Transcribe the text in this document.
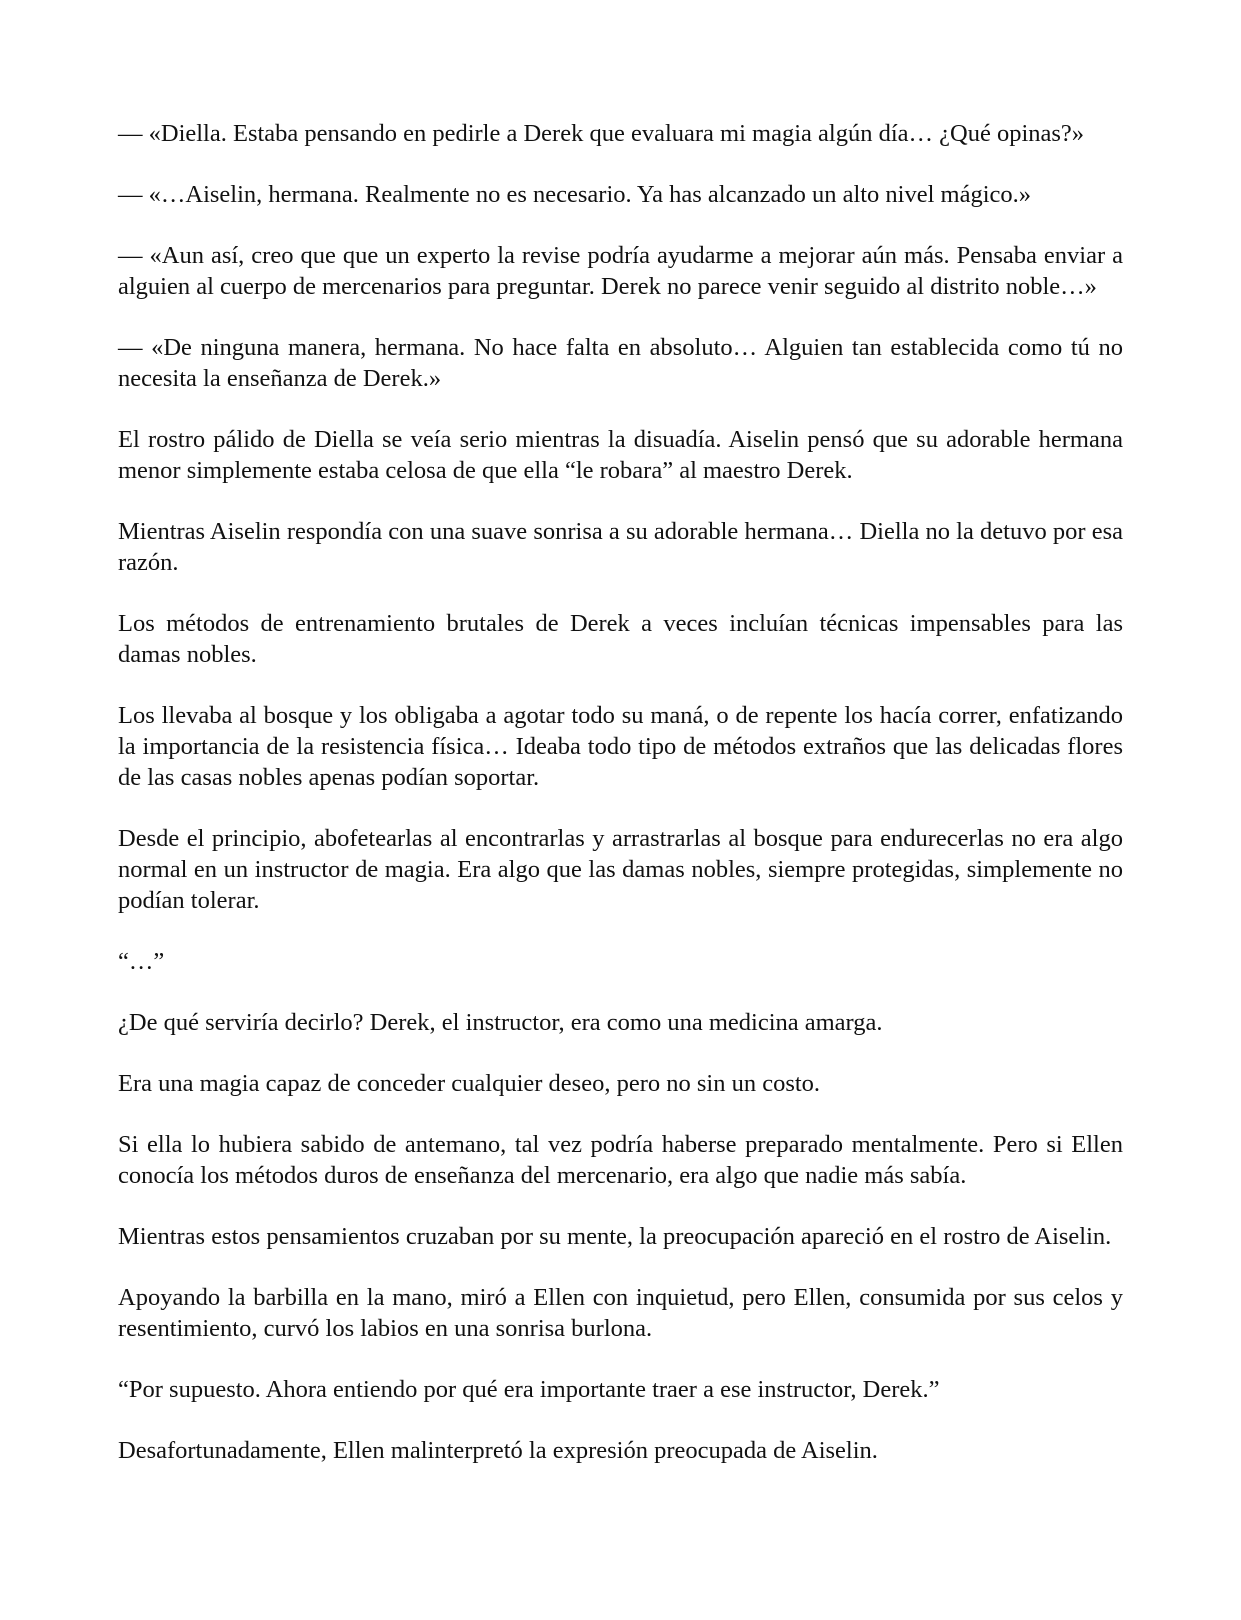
— «Diella. Estaba pensando en pedirle a Derek que evaluara mi magia algún día… ¿Qué opinas?»

— «…Aiselin, hermana. Realmente no es necesario. Ya has alcanzado un alto nivel mágico.»

— «Aun así, creo que que un experto la revise podría ayudarme a mejorar aún más. Pensaba enviar a alguien al cuerpo de mercenarios para preguntar. Derek no parece venir seguido al distrito noble…»

— «De ninguna manera, hermana. No hace falta en absoluto… Alguien tan establecida como tú no necesita la enseñanza de Derek.»

El rostro pálido de Diella se veía serio mientras la disuadía. Aiselin pensó que su adorable hermana menor simplemente estaba celosa de que ella “le robara” al maestro Derek.

Mientras Aiselin respondía con una suave sonrisa a su adorable hermana… Diella no la detuvo por esa razón.

Los métodos de entrenamiento brutales de Derek a veces incluían técnicas impensables para las damas nobles.

Los llevaba al bosque y los obligaba a agotar todo su maná, o de repente los hacía correr, enfatizando la importancia de la resistencia física… Ideaba todo tipo de métodos extraños que las delicadas flores de las casas nobles apenas podían soportar.

Desde el principio, abofetearlas al encontrarlas y arrastrarlas al bosque para endurecerlas no era algo normal en un instructor de magia. Era algo que las damas nobles, siempre protegidas, simplemente no podían tolerar.

“…”

¿De qué serviría decirlo? Derek, el instructor, era como una medicina amarga.

Era una magia capaz de conceder cualquier deseo, pero no sin un costo.

Si ella lo hubiera sabido de antemano, tal vez podría haberse preparado mentalmente. Pero si Ellen conocía los métodos duros de enseñanza del mercenario, era algo que nadie más sabía.

Mientras estos pensamientos cruzaban por su mente, la preocupación apareció en el rostro de Aiselin.

Apoyando la barbilla en la mano, miró a Ellen con inquietud, pero Ellen, consumida por sus celos y resentimiento, curvó los labios en una sonrisa burlona.

“Por supuesto. Ahora entiendo por qué era importante traer a ese instructor, Derek.”

Desafortunadamente, Ellen malinterpretó la expresión preocupada de Aiselin.
